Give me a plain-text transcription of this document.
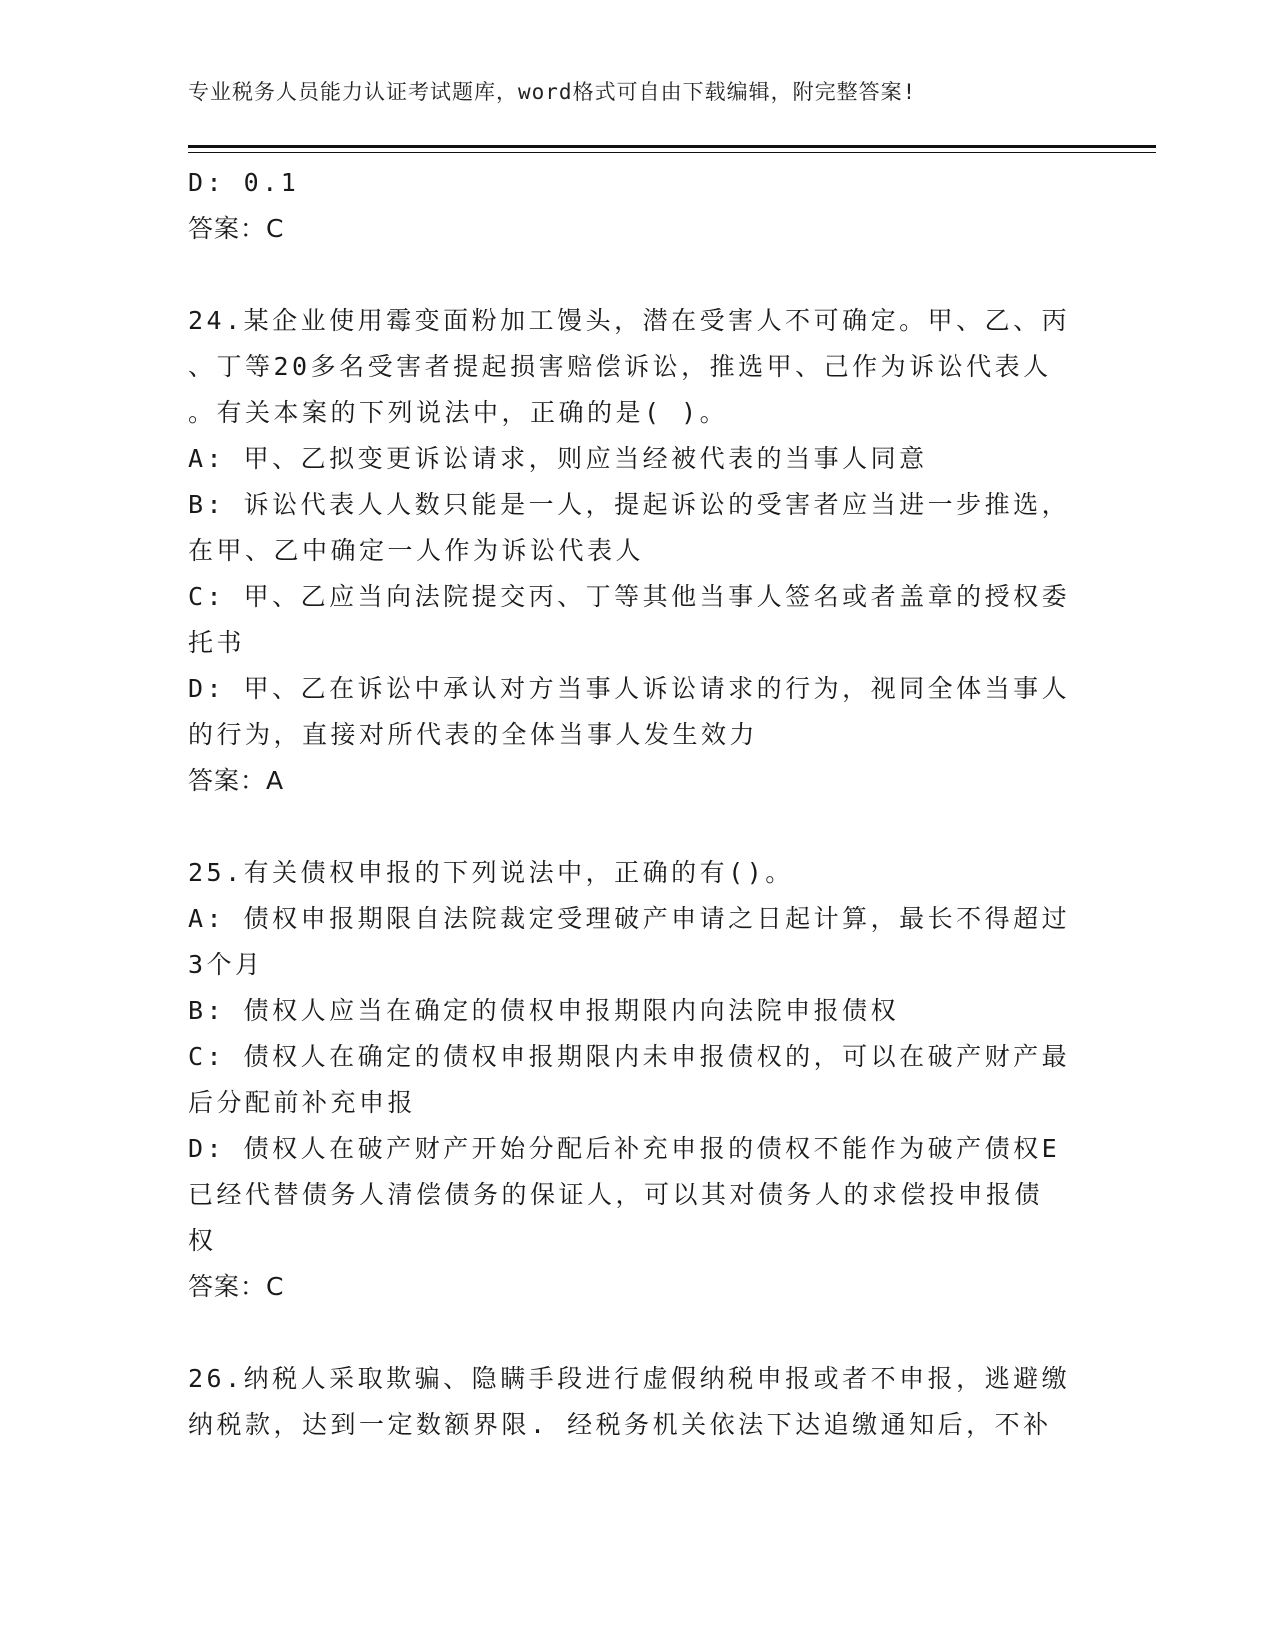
专业税务人员能力认证考试题库，word格式可自由下载编辑，附完整答案!
D: 0.1
答案：C
24.某企业使用霉变面粉加工馒头，潜在受害人不可确定。甲、乙、丙
、丁等20多名受害者提起损害赔偿诉讼，推选甲、己作为诉讼代表人
。有关本案的下列说法中，正确的是( )。
A: 甲、乙拟变更诉讼请求，则应当经被代表的当事人同意
B: 诉讼代表人人数只能是一人，提起诉讼的受害者应当进一步推选，
在甲、乙中确定一人作为诉讼代表人
C: 甲、乙应当向法院提交丙、丁等其他当事人签名或者盖章的授权委
托书
D: 甲、乙在诉讼中承认对方当事人诉讼请求的行为，视同全体当事人
的行为，直接对所代表的全体当事人发生效力
答案：A
25.有关债权申报的下列说法中，正确的有()。
A: 债权申报期限自法院裁定受理破产申请之日起计算，最长不得超过
3个月
B: 债权人应当在确定的债权申报期限内向法院申报债权
C: 债权人在确定的债权申报期限内未申报债权的，可以在破产财产最
后分配前补充申报
D: 债权人在破产财产开始分配后补充申报的债权不能作为破产债权E
已经代替债务人清偿债务的保证人，可以其对债务人的求偿投申报债
权
答案：C
26.纳税人采取欺骗、隐瞒手段进行虚假纳税申报或者不申报，逃避缴
纳税款，达到一定数额界限. 经税务机关依法下达追缴通知后，不补
